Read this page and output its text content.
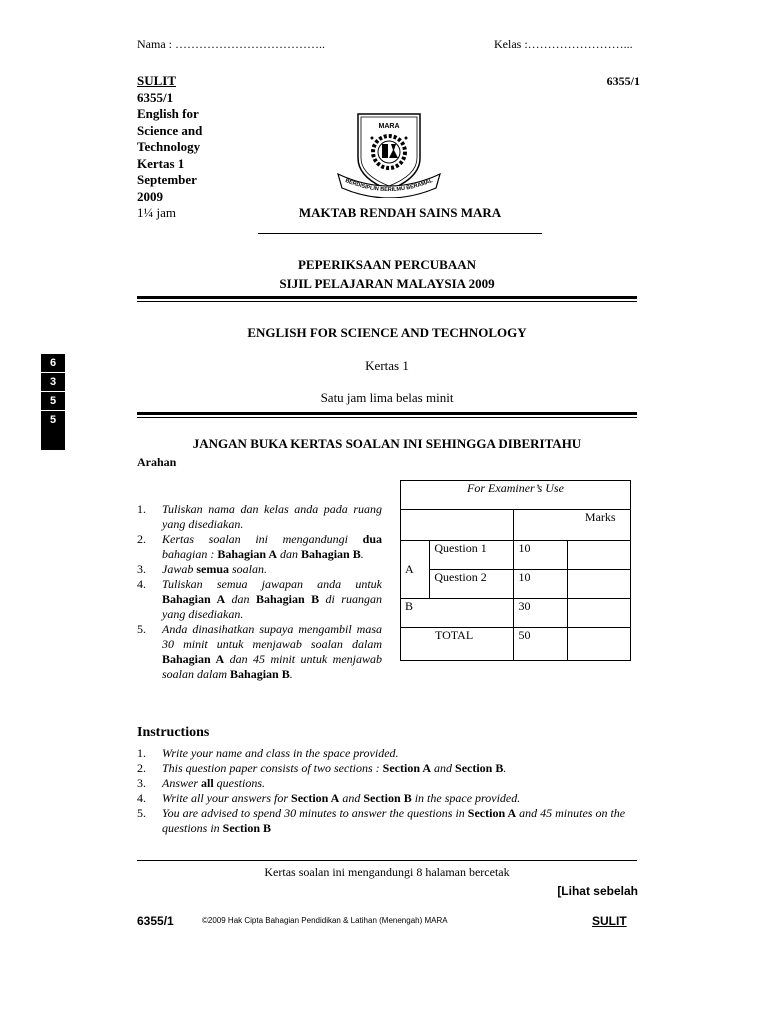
Nama : ………………………………..	Kelas :……………………...
SULIT
6355/1
English for
Science and
Technology
Kertas 1
September
2009
1¼ jam
6355/1
MARA
BERDISIPLIN BERILMU BERAMAL
MAKTAB RENDAH SAINS MARA
PEPERIKSAAN PERCUBAAN
SIJIL PELAJARAN MALAYSIA 2009
ENGLISH FOR SCIENCE AND TECHNOLOGY
Kertas 1
Satu jam lima belas minit
6
3
5
5
JANGAN BUKA KERTAS SOALAN INI SEHINGGA DIBERITAHU
Arahan
1. Tuliskan nama dan kelas anda pada ruang yang disediakan.
2. Kertas soalan ini mengandungi dua bahagian : Bahagian A dan Bahagian B.
3. Jawab semua soalan.
4. Tuliskan semua jawapan anda untuk Bahagian A dan Bahagian B di ruangan yang disediakan.
5. Anda dinasihatkan supaya mengambil masa 30 minit untuk menjawab soalan dalam Bahagian A dan 45 minit untuk menjawab soalan dalam Bahagian B.
For Examiner’s Use			
		Marks	
A	Question 1	10	
	Question 2	10	
B		30	
TOTAL		50	
Instructions
1. Write your name and class in the space provided.
2. This question paper consists of two sections : Section A and Section B.
3. Answer all questions.
4. Write all your answers for Section A and Section B in the space provided.
5. You are advised to spend 30 minutes to answer the questions in Section A and 45 minutes on the questions in Section B
Kertas soalan ini mengandungi 8 halaman bercetak
[Lihat sebelah
6355/1	©2009 Hak Cipta Bahagian Pendidikan & Latihan (Menengah) MARA	SULIT
